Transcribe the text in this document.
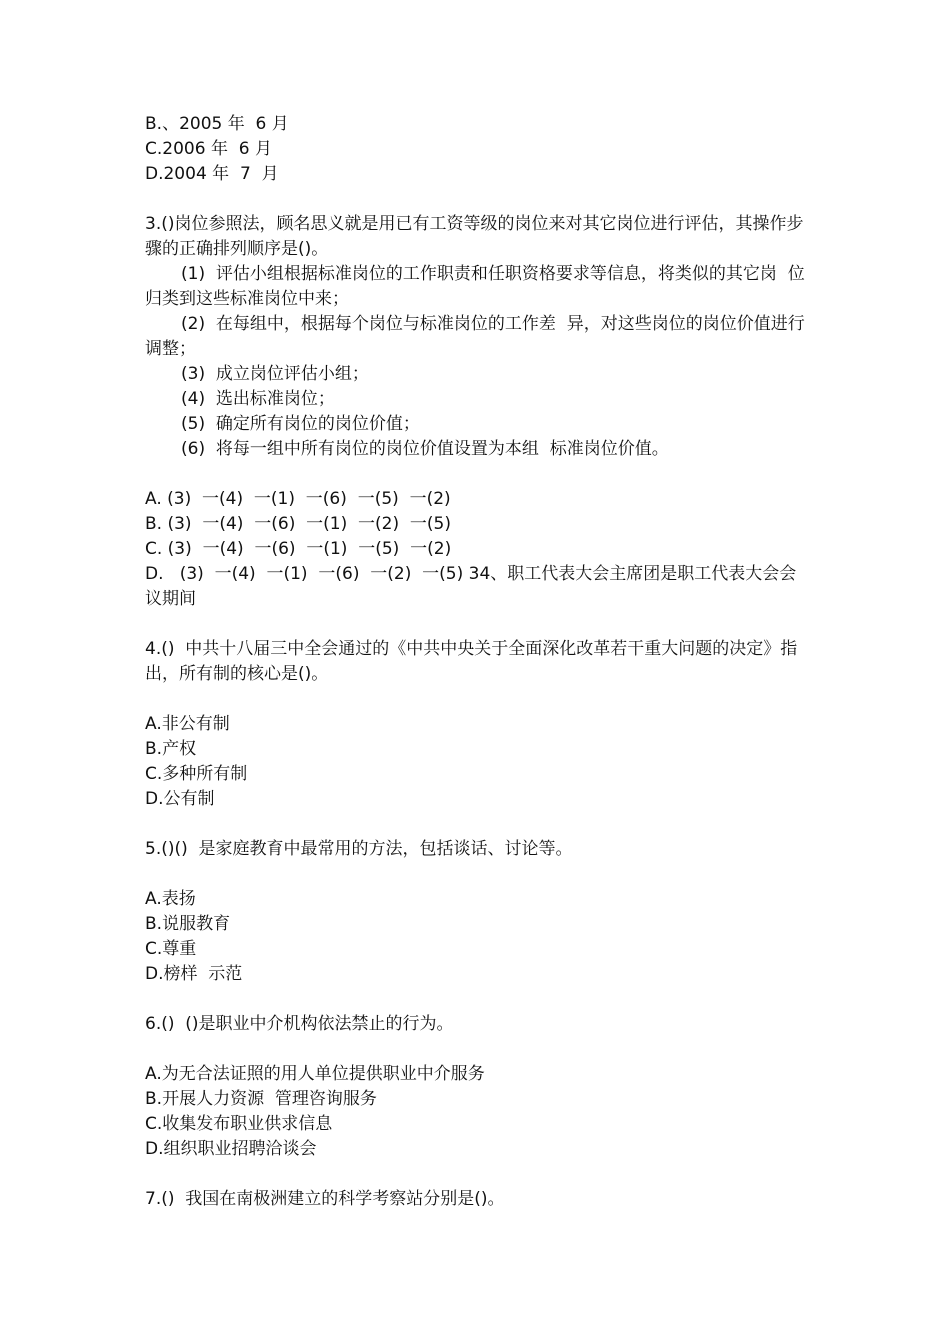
B.、2005 年  6 月

C.2006 年  6 月

D.2004 年  7  月

3.()岗位参照法，顾名思义就是用已有工资等级的岗位来对其它岗位进行评估，其操作步骤的正确排列顺序是()。

(1)  评估小组根据标准岗位的工作职责和任职资格要求等信息，将类似的其它岗  位归类到这些标准岗位中来；

(2)  在每组中，根据每个岗位与标准岗位的工作差  异，对这些岗位的岗位价值进行调整；

(3)  成立岗位评估小组；

(4)  选出标准岗位；

(5)  确定所有岗位的岗位价值；

(6)  将每一组中所有岗位的岗位价值设置为本组  标准岗位价值。

A. (3)  一(4)  一(1)  一(6)  一(5)  一(2)

B. (3)  一(4)  一(6)  一(1)  一(2)  一(5)

C. (3)  一(4)  一(6)  一(1)  一(5)  一(2)

D.   (3)  一(4)  一(1)  一(6)  一(2)  一(5) 34、职工代表大会主席团是职工代表大会会议期间

4.()  中共十八届三中全会通过的《中共中央关于全面深化改革若干重大问题的决定》指出，所有制的核心是()。

A.非公有制

B.产权

C.多种所有制

D.公有制

5.()()  是家庭教育中最常用的方法，包括谈话、讨论等。

A.表扬

B.说服教育

C.尊重

D.榜样  示范

6.()  ()是职业中介机构依法禁止的行为。

A.为无合法证照的用人单位提供职业中介服务

B.开展人力资源  管理咨询服务

C.收集发布职业供求信息

D.组织职业招聘洽谈会

7.()  我国在南极洲建立的科学考察站分别是()。
